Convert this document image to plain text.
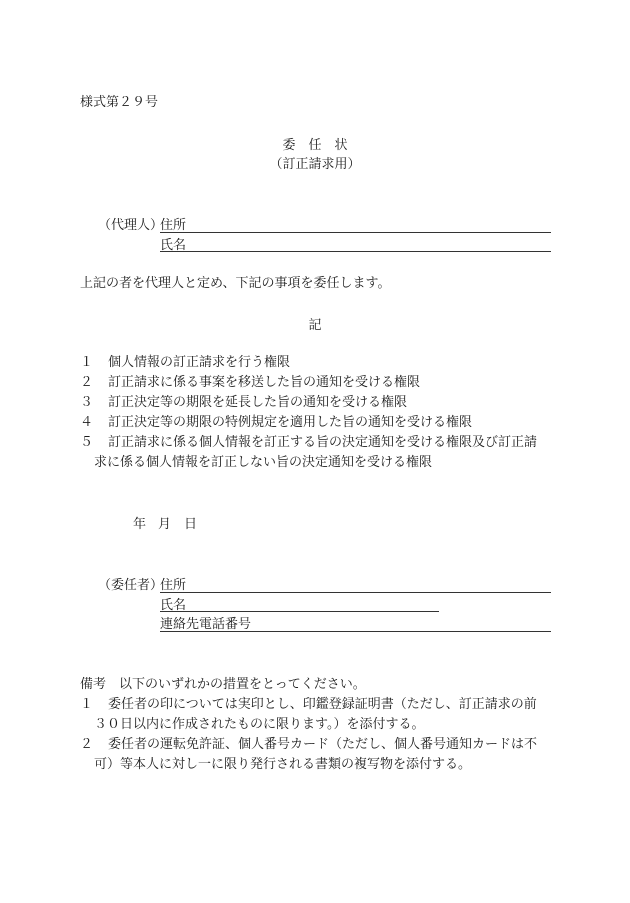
様式第２９号
委　任　状
（訂正請求用）
（代理人）
住所
氏名
上記の者を代理人と定め、下記の事項を委任します。
記
１	個人情報の訂正請求を行う権限
２	訂正請求に係る事案を移送した旨の通知を受ける権限
３	訂正決定等の期限を延長した旨の通知を受ける権限
４	訂正決定等の期限の特例規定を適用した旨の通知を受ける権限
５	訂正請求に係る個人情報を訂正する旨の決定通知を受ける権限及び訂正請
求に係る個人情報を訂正しない旨の決定通知を受ける権限
年 月 日
（委任者）
住所
氏名
連絡先電話番号
備考　以下のいずれかの措置をとってください。
１	委任者の印については実印とし、印鑑登録証明書（ただし、訂正請求の前
３０日以内に作成されたものに限ります。）を添付する。
２	委任者の運転免許証、個人番号カード（ただし、個人番号通知カードは不
可）等本人に対し一に限り発行される書類の複写物を添付する。
